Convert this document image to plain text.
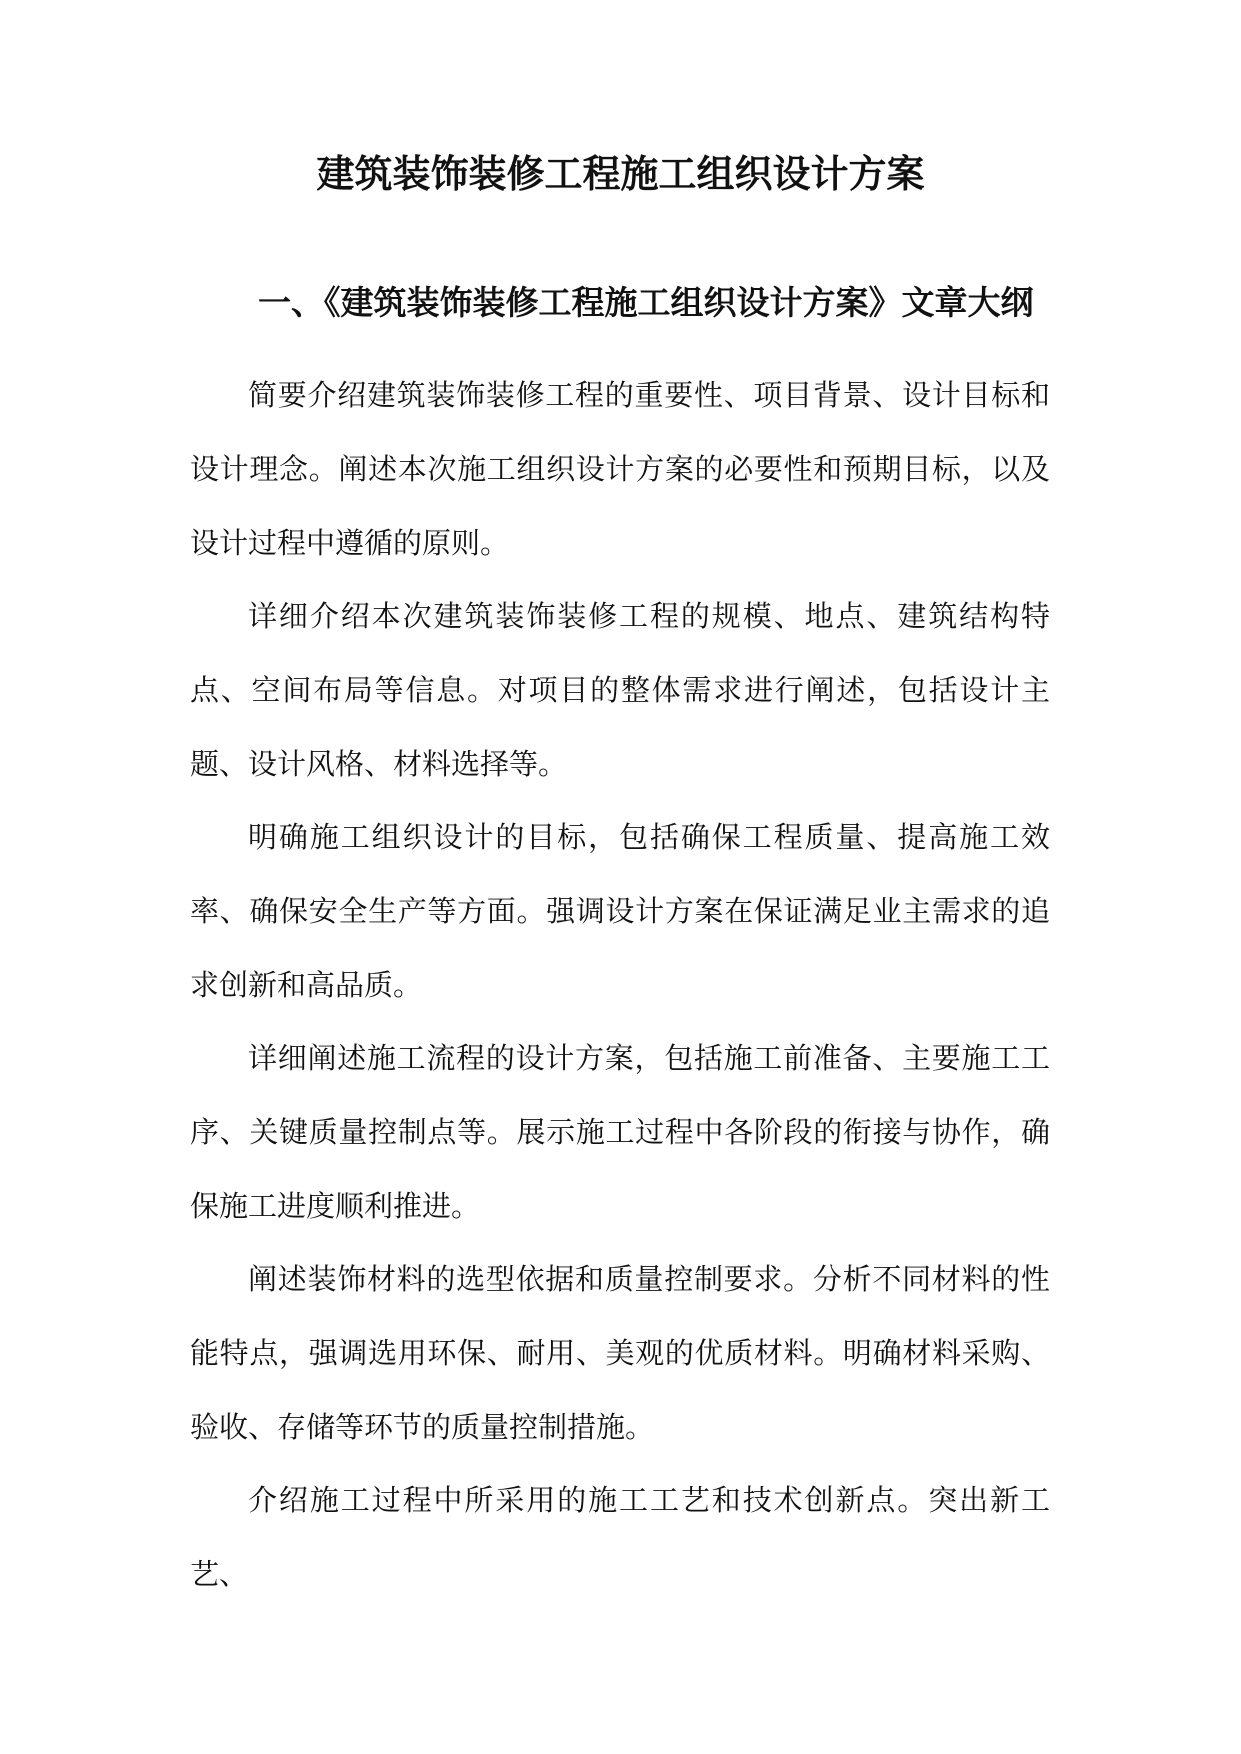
建筑装饰装修工程施工组织设计方案
一、《建筑装饰装修工程施工组织设计方案》文章大纲

简要介绍建筑装饰装修工程的重要性、项目背景、设计目标和设计理念。阐述本次施工组织设计方案的必要性和预期目标，以及设计过程中遵循的原则。

详细介绍本次建筑装饰装修工程的规模、地点、建筑结构特点、空间布局等信息。对项目的整体需求进行阐述，包括设计主题、设计风格、材料选择等。

明确施工组织设计的目标，包括确保工程质量、提高施工效率、确保安全生产等方面。强调设计方案在保证满足业主需求的追求创新和高品质。

详细阐述施工流程的设计方案，包括施工前准备、主要施工工序、关键质量控制点等。展示施工过程中各阶段的衔接与协作，确保施工进度顺利推进。

阐述装饰材料的选型依据和质量控制要求。分析不同材料的性能特点，强调选用环保、耐用、美观的优质材料。明确材料采购、验收、存储等环节的质量控制措施。

介绍施工过程中所采用的施工工艺和技术创新点。突出新工艺、
